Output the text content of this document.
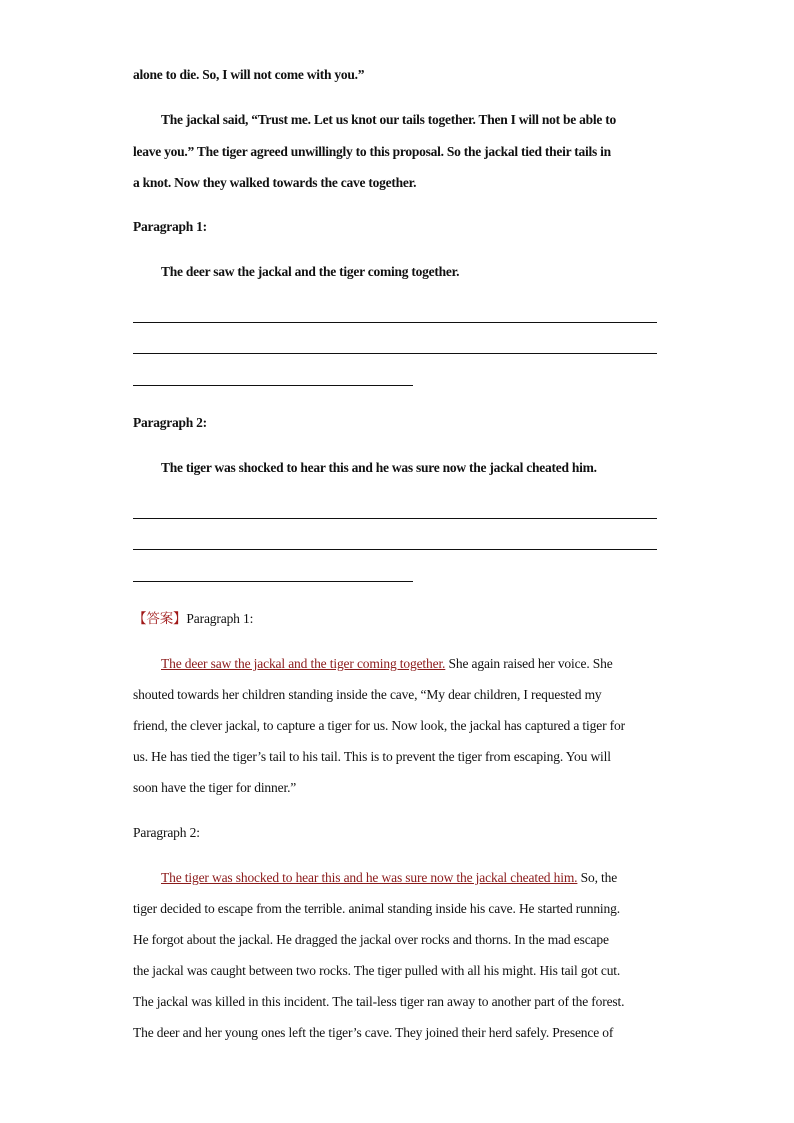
alone to die. So, I will not come with you.”
The jackal said, “Trust me. Let us knot our tails together. Then I will not be able to
leave you.” The tiger agreed unwillingly to this proposal. So the jackal tied their tails in
a knot. Now they walked towards the cave together.
Paragraph 1:
The deer saw the jackal and the tiger coming together.
Paragraph 2:
The tiger was shocked to hear this and he was sure now the jackal cheated him.
【答案】Paragraph 1:
The deer saw the jackal and the tiger coming together. She again raised her voice. She
shouted towards her children standing inside the cave, “My dear children, I requested my
friend, the clever jackal, to capture a tiger for us. Now look, the jackal has captured a tiger for
us. He has tied the tiger’s tail to his tail. This is to prevent the tiger from escaping. You will
soon have the tiger for dinner.”
Paragraph 2:
The tiger was shocked to hear this and he was sure now the jackal cheated him. So, the
tiger decided to escape from the terrible. animal standing inside his cave. He started running.
He forgot about the jackal. He dragged the jackal over rocks and thorns. In the mad escape
the jackal was caught between two rocks. The tiger pulled with all his might. His tail got cut.
The jackal was killed in this incident. The tail-less tiger ran away to another part of the forest.
The deer and her young ones left the tiger’s cave. They joined their herd safely. Presence of
